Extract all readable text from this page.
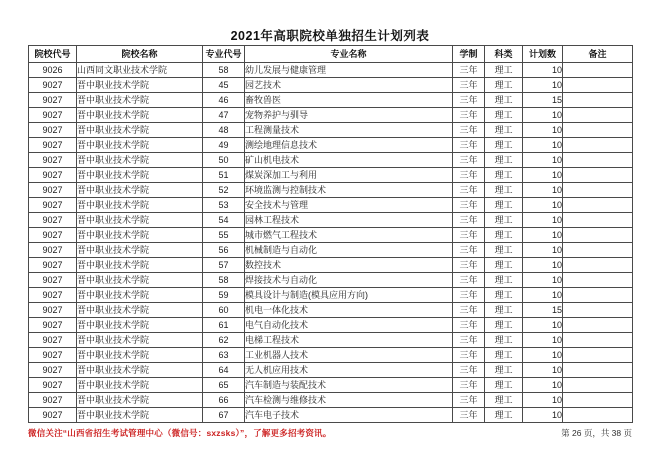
2021年高职院校单独招生计划列表
院校代号	院校名称	专业代号	专业名称	学制	科类	计划数	备注
9026	山西同文职业技术学院	58	幼儿发展与健康管理	三年	理工	10	
9027	晋中职业技术学院	45	园艺技术	三年	理工	10	
9027	晋中职业技术学院	46	畜牧兽医	三年	理工	15	
9027	晋中职业技术学院	47	宠物养护与驯导	三年	理工	10	
9027	晋中职业技术学院	48	工程测量技术	三年	理工	10	
9027	晋中职业技术学院	49	测绘地理信息技术	三年	理工	10	
9027	晋中职业技术学院	50	矿山机电技术	三年	理工	10	
9027	晋中职业技术学院	51	煤炭深加工与利用	三年	理工	10	
9027	晋中职业技术学院	52	环境监测与控制技术	三年	理工	10	
9027	晋中职业技术学院	53	安全技术与管理	三年	理工	10	
9027	晋中职业技术学院	54	园林工程技术	三年	理工	10	
9027	晋中职业技术学院	55	城市燃气工程技术	三年	理工	10	
9027	晋中职业技术学院	56	机械制造与自动化	三年	理工	10	
9027	晋中职业技术学院	57	数控技术	三年	理工	10	
9027	晋中职业技术学院	58	焊接技术与自动化	三年	理工	10	
9027	晋中职业技术学院	59	模具设计与制造(模具应用方向)	三年	理工	10	
9027	晋中职业技术学院	60	机电一体化技术	三年	理工	15	
9027	晋中职业技术学院	61	电气自动化技术	三年	理工	10	
9027	晋中职业技术学院	62	电梯工程技术	三年	理工	10	
9027	晋中职业技术学院	63	工业机器人技术	三年	理工	10	
9027	晋中职业技术学院	64	无人机应用技术	三年	理工	10	
9027	晋中职业技术学院	65	汽车制造与装配技术	三年	理工	10	
9027	晋中职业技术学院	66	汽车检测与维修技术	三年	理工	10	
9027	晋中职业技术学院	67	汽车电子技术	三年	理工	10	
微信关注“山西省招生考试管理中心（微信号：sxzsks）”，了解更多招考资讯。	第 26 页，共 38 页
